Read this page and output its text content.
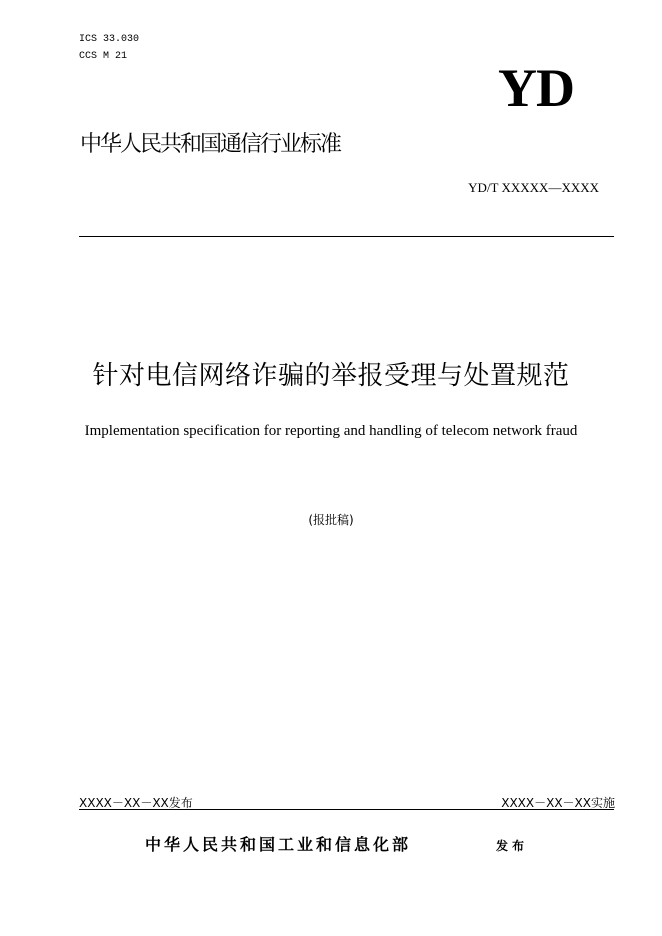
ICS 33.030
CCS M 21
YD
中华人民共和国通信行业标准
YD/T XXXXX—XXXX
针对电信网络诈骗的举报受理与处置规范
Implementation specification for reporting and handling of telecom network fraud
(报批稿)
XXXX－XX－XX发布	XXXX－XX－XX实施
中华人民共和国工业和信息化部	发布
